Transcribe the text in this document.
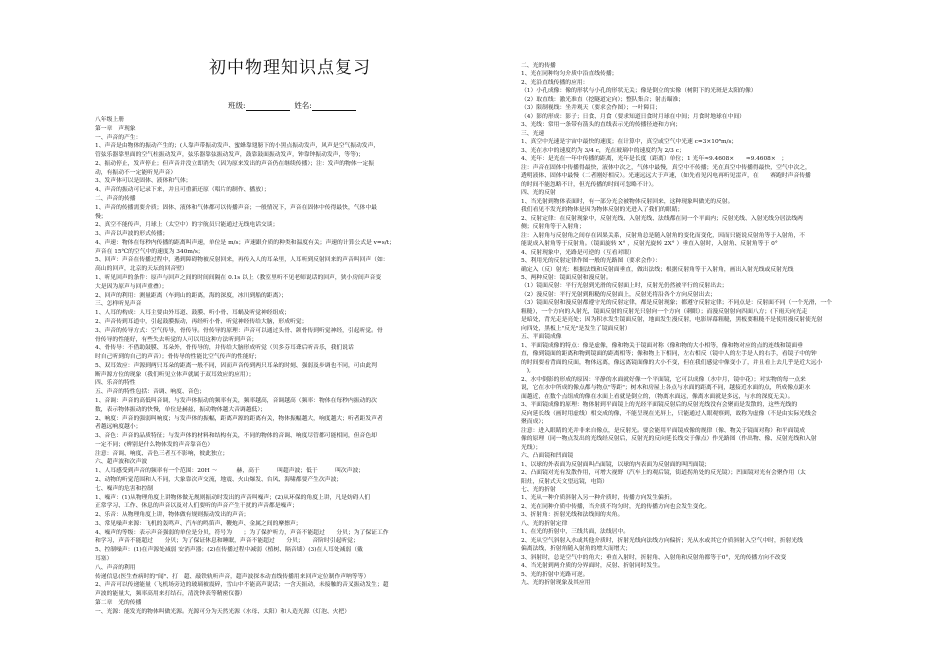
初中物理知识点复习
班级:	姓名:
八年级上册
第一章　声现象
一、声音的产生：
1、声音是由物体的振动产生的；(人靠声带振动发声、蜜蜂靠翅膀下的小黑点振动发声，风声是空气振动发声，
管弦乐器靠里面的空气柱振动发声，弦乐器靠弦振动发声，鼓靠鼓面振动发声，钟靠钟振动发声，等等)；
2、振动停止，发声停止；但声音并没立即消失（因为原来发出的声音仍在继续传播）；注：发声的物体一定振
动，有振动不一定能听见声音）
3、发声体可以是固体、液体和气体；
4、声音的振动可记录下来，并且可重新还原（唱片的制作、播放）；
二、声音的传播
1、声音的传播需要介质；固体、液体和气体都可以传播声音；一般情况下，声音在固体中传得最快，气体中最
慢；
2、真空不能传声，月球上（太空中）的宇航员只能通过无线电话交谈；
3、声音以声波的形式传播；
4、声速：物体在每秒内传播的距离叫声速，单位是 m/s；声速跟介质的种类和温度有关；声速的计算公式是 v=s/t；
声音在 15℃的空气中的速度为 340m/s；
5、回声：声音在传播过程中，遇到障碍物被反射回来，再传入人的耳朵里，人耳听到反射回来的声音叫回声（如：
高山的回声，北京的天坛的回音壁）
1、听见回声的条件：原声与回声之间的时间间隔在 0.1s 以上（教室里听不见老师说话的回声，狭小房间声音变
大是因为原声与回声重叠）；
2、回声的利用：测量距离（车到山的距离，海的深度，冰川到船的距离）；
三、怎样听见声音
1、人耳的构成：人耳主要由外耳道、鼓膜、听小骨、耳蜗及听觉神经组成；
2、声音传到耳道中，引起鼓膜振动，再经听小骨、听觉神经传给大脑，形成听觉；
3、声音的传导方式：空气传导，骨传导。骨传导的原理：声音可以通过头骨、颌骨传到听觉神经，引起听觉。骨
骨传导的性能好，有些失去听觉的人可以用这种方法听到声音；
4、骨传导：不借助鼓膜、耳朵外，骨传导的，并传给大脑形成听觉（贝多芬耳聋后听音乐，我们说话
时自己听到的自己的声音）；骨传导的性能比空气传声的性能好；
5、双耳效应：声源到两只耳朵的距离一般不同，因而声音传到两只耳朵的时刻、强弱及步调也不同，可由此判
断声源方位的现象（我们听见立体声就属于双耳效应的应用）；
四、乐音的特性
五、声音的特性包括：音调、响度、音色；
1、音调：声音的高低叫音调，与发声体振动的频率有关，频率越高，音调越高（频率：物体在每秒内振动的次
数，表示物体振动的快慢，单位是赫兹，振动物体越大音调越低）；
2、响度：声音的强弱叫响度；与发声体的振幅，距离声源的距离有关，物体振幅越大，响度越大；听者距发声者
者越远响度越小；
3、音色：声音的品质特征；与发声体的材料和结构有关，不同的物体的音调、响度尽管都可能相同，但音色却
一定不同；(辨别是什么物体发的声音靠音色）
注意：音调、响度、音色三者互不影响，彼此独立；
六、超声波和次声波
1、人耳感受到声音的频率有一个范围：20H ～ 　　　赫，高于　　　叫超声波；低于　　　叫次声波；
2、动物的听觉范围和人不同，大象靠次声交流，地震、火山爆发、台风、海啸都要产生次声波；
七、噪声的危害和控制
1、噪声：(1)从物理角度上讲物体做无规则振动时发出的声音叫噪声；(2)从环保的角度上讲，凡是妨碍人们
正常学习、工作、休息的声音以及对人们要听的声音产生干扰的声音都是噪声；
2、乐音：从物理角度上讲，物体做有规则振动发出的声音；
3、常见噪声来源：飞机的轰鸣声、汽车的鸣笛声、鞭炮声、金属之间的摩擦声；
4、噪声的等级：表示声音强弱的单位是分贝，符号为　　；为了保护听力，声音不能超过　　分贝；为了保证工作
和学习，声音不能超过　　分贝；为了保证休息和睡眠，声音不能超过　　分贝；　　音阶时引起听觉；
5、控制噪声：(1)在声源处减弱 安消声器；(2)在传播过程中减弱（植树、隔音墙）(3)在人耳处减弱（戴
耳塞）
八、声音的利用
传递信息(医生查病时的"闻"、打　超、敲铁轨听声音，超声波探本动直线传播用来回声定位制作声呐等等）
2、声音可以传递能量（飞机场旁边的玻璃被震碎，雪山中不能高声说话；一含天振动，未接触的音叉振动发生；超
声波的能量大，频率高用来打结石，清洗钟表等精密仪器）
第二章　光的传播
一、光源：能发光的物体叫做光源。光源可分为天然光源（水母、太阳）和人造光源（灯泡、火把）
二、光的传播
1、光在同种均匀介质中沿直线传播；
2、光沿直线传播的应用：
（1）小孔成像：像的形状与小孔的形状无关；像是倒立的实像（树阴下的光斑是太阳的像）
（2）取直线：激光准直（挖隧道定向）；整队集合；射击瞄准；
（3）限制视线：坐井观天（要求会作图）；一叶障目；
（4）影的形成：影子；日食、月食（要求知道日食时月球在中间；月食时地球在中间）
3、光线：常用一条带有箭头的直线表示光的传播径迹和方向；
三、光速
1、真空中光速是宇宙中最快的速度；在计算中，真空或空气中光速 c=3×10⁸m/s；
3、光在水中的速度约为 3/4 c，光在玻璃中的速度约为 2/3 c；
4、光年：是光在一年中传播的距离，光年是长度（距离）单位；1 光年≈9.4608×　　≈9.4608×　；
注：声音在固体中传播得最快，液体中次之，气体中最慢，真空中不传播；光在真空中传播得最快，空气中次之，
透明液体、固体中最慢（二者刚好相反）。光速远远大于声速，（如先看见闪电再听见雷声，在　　赛跑时声音传播
的时间不能忽略不计，但光传播的时间可忽略不计）。
四、光的反射
1、当光射到物体表面时，有一部分光会被物体反射回来，这种现象叫做光的反射。
我们看见不发光的物体是因为物体反射的光进入了我们的眼睛；
2、反射定律：在反射现象中，反射光线、入射光线、法线都在同一个平面内；反射光线、入射光线分居法线两
侧；反射角等于入射角；
注：入射角与反射角之间存在因果关系，反射角总是随入射角的变化而变化，因而只能说反射角等于入射角，不
能说成入射角等于反射角。（镜面旋转 X° ，反射光旋转 2X° ）垂直入射时，入射角、反射角等于 0°
4、反射现象中，光路是可逆的（互看对眼）
5、利用光的反射定律作图一般的光路图（要求会作）：
确定入（反）射光：根据法线和反射面垂直，做出法线；根据反射角等于入射角，画出入射光线或反射光线
5、两种反射：镜面反射和漫反射。
（1）镜面反射：平行光射到光滑的反射面上时，反射光仍然被平行的反射出去；
（2）漫反射：平行光射到粗糙的反射面上，反射光将沿各个方向反射出去；
（3）镜面反射和漫反射都遵守光的反射定律，都是反射现象；都遵守反射定律；不同点是：反射面不同（一个光滑，一个
粗糙），一个方向的入射光，镜面反射的反射光只射向一个方向（刺眼）；而漫反射射向四面八方；(下雨天向光走
是暗处，背光走是亮处；因为积水发生镜面反射，地面发生漫反射，电影屏幕粗糙，黑板要粗糙不是使用漫反射使光射
向四处，黑板上"反光"是发生了镜面反射）
五、平面镜成像
1、平面镜成像的特点：像是虚像，像和物关于镜面对称（像和物的大小相等，像和物对应的点的连线和镜面垂
直，像到镜面的距离和物到镜面的距离相等；像和物上下相同，左右相反（镜中人的左手是人的右手，看镜子中的钟
的时间要看背面的反面，物体远离，像远离镜面像的大小不变，但在我们感觉中像变小了，并且看上去几乎是近大远小
　),
2、水中倒影的形成的原因：平静的水面就好像一个平面镜，它可以成像（水中月，镜中花）；对实物的每一点来
说，它在水中所成的像点都与物点"等距"；树木和房屋上各点与水面的距离不同，越接近水面的点，所成像点距水
面越近，在数个点组成的像在水面上看就是倒立的，（物离水面远，像离水面就是多远，与水的深度无关）。
3、平面镜成像的原理：物体射到平面镜上的光经平面镜反射后的反射光线没有会聚而是发散的，这些光线的
反向延长线（画时用虚线）相交成的像，不能呈现在光屏上，只能通过人眼观察到，故称为虚像（不是由实际光线会
聚而成）；
注意：进入眼睛的光并非来自像点，是反射光。要会能用平面镜成像的规律（像、物关于镜面对称）和平面镜成
像的原理（同一物点发出的光线经反射后，反射光的反向延长线交于像点）作光路图（作出物、像、反射光线和入射
光线）；
六、凸面镜和凹面镜
1、以球的外表面为反射面叫凸面镜，以球的内表面为反射面的叫凹面镜；
2、凸面镜对光有发散作用，可增大视野（汽车上的观后镜，街道拐角处的反光镜）；凹面镜对光有会聚作用（太
阳灶，反射式天文望远镜，电筒）
七、光的折射
1、光从一种介质斜射入另一种介质时，传播方向发生偏折。
2、光在同种介质中传播，当介质不均匀时，光的传播方向也会发生变化。
3、折射角：折射光线和法线间的夹角。
八、光的折射定律
1、在光的折射中，三线共面，法线居中。
2、光从空气斜射入水或其他介质时，折射光线向法线方向偏折；光从水或其它介质斜射入空气中时，折射光线
偏离法线，折射角随入射角的增大而增大；
3、斜射时，总是空气中的角大；垂直入射时，折射角、入射角和反射角都等于0°，光的传播方向不改变
4、当光射到两介质的分界面时，反射、折射同时发生。
5、光的折射中光路可逆。
九、光的折射现象及其应用
